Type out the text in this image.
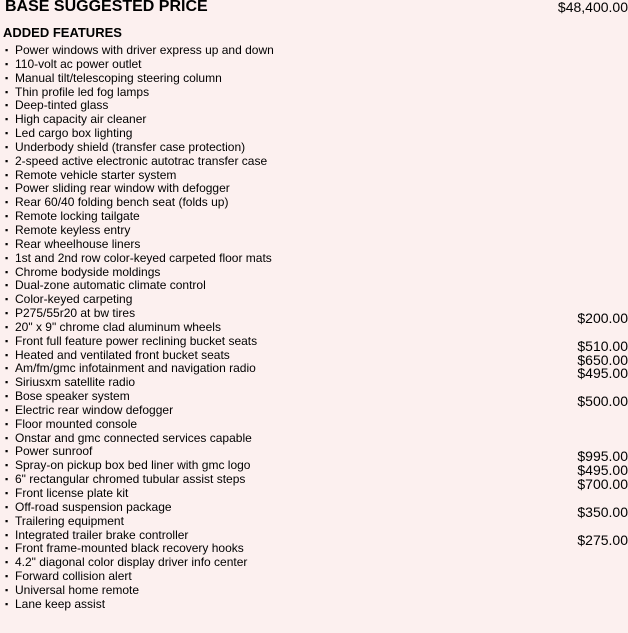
BASE SUGGESTED PRICE	$48,400.00
ADDED FEATURES
▪ Power windows with driver express up and down
▪ 110-volt ac power outlet
▪ Manual tilt/telescoping steering column
▪ Thin profile led fog lamps
▪ Deep-tinted glass
▪ High capacity air cleaner
▪ Led cargo box lighting
▪ Underbody shield (transfer case protection)
▪ 2-speed active electronic autotrac transfer case
▪ Remote vehicle starter system
▪ Power sliding rear window with defogger
▪ Rear 60/40 folding bench seat (folds up)
▪ Remote locking tailgate
▪ Remote keyless entry
▪ Rear wheelhouse liners
▪ 1st and 2nd row color-keyed carpeted floor mats
▪ Chrome bodyside moldings
▪ Dual-zone automatic climate control
▪ Color-keyed carpeting
▪ P275/55r20 at bw tires	$200.00
▪ 20" x 9" chrome clad aluminum wheels
▪ Front full feature power reclining bucket seats	$510.00
▪ Heated and ventilated front bucket seats	$650.00
▪ Am/fm/gmc infotainment and navigation radio	$495.00
▪ Siriusxm satellite radio
▪ Bose speaker system	$500.00
▪ Electric rear window defogger
▪ Floor mounted console
▪ Onstar and gmc connected services capable
▪ Power sunroof	$995.00
▪ Spray-on pickup box bed liner with gmc logo	$495.00
▪ 6" rectangular chromed tubular assist steps	$700.00
▪ Front license plate kit
▪ Off-road suspension package	$350.00
▪ Trailering equipment
▪ Integrated trailer brake controller	$275.00
▪ Front frame-mounted black recovery hooks
▪ 4.2" diagonal color display driver info center
▪ Forward collision alert
▪ Universal home remote
▪ Lane keep assist
